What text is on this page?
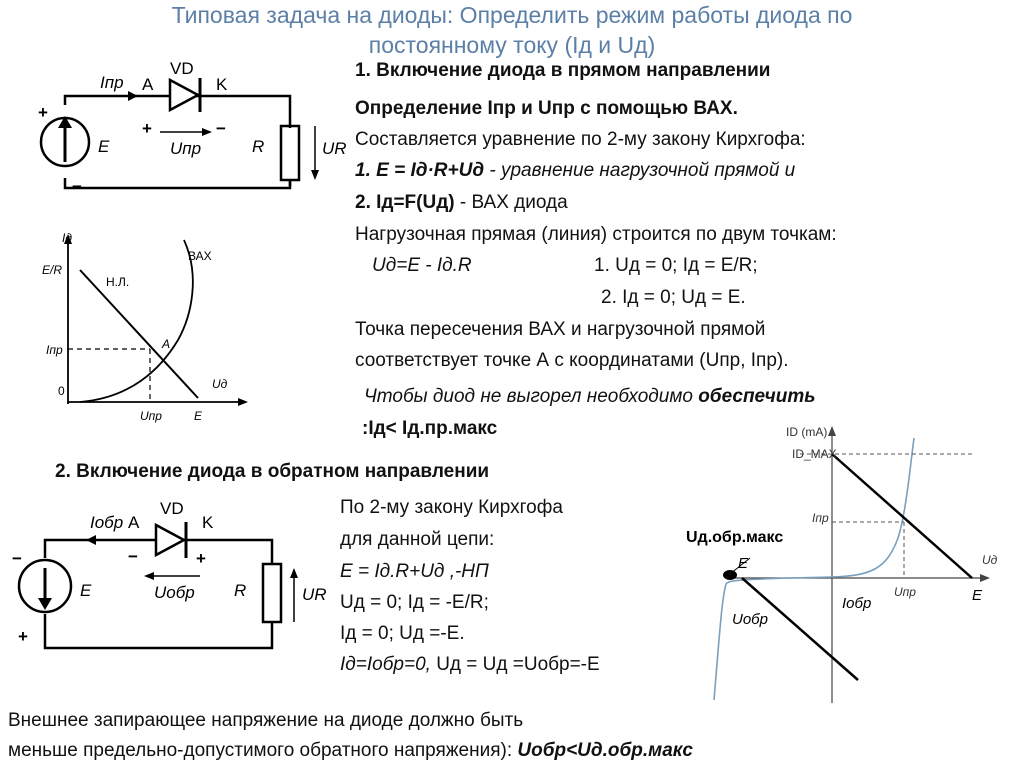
Типовая задача на диоды: Определить режим работы диода по
постоянному току (Iд и Uд)
1. Включение диода в прямом направлении
Iпр A
VD
K
+	−
Uпр
+
−
E	R	UR
Iд
E/R
Iпр
0
Uпр	E
Uд
Н.Л.
ВАХ
A
Определение Iпр и Uпр с помощью ВАХ.
Составляется уравнение по 2-му закону Кирхгофа:
1. E = Iд·R+Uд - уравнение нагрузочной прямой и
2. Iд=F(Uд) - ВАХ диода
Нагрузочная прямая (линия) строится по двум точкам:
Uд=E - Iд.R	1. Uд = 0; Iд = E/R;
2. Iд = 0; Uд = E.
Точка пересечения ВАХ и нагрузочной прямой
соответствует точке А с координатами (Uпр, Iпр).
Чтобы диод не выгорел необходимо обеспечить
:Iд< Iд.пр.макс
2. Включение диода в обратном направлении
Iобр A
VD
K
−	+
Uобр
−
+
E	R	UR
По 2-му закону Кирхгофа
для данной цепи:
E = Iд.R+Uд ,-НП
Uд = 0; Iд = -E/R;
Iд = 0; Uд =-E.
Iд=Iобр=0, Uд = Uд =Uобр=-E
ID (mA)
ID_MAX
Iпр
Uд
Uпр
E
E
Iобр
Uобр
Uд.обр.макс
Внешнее запирающее напряжение на диоде должно быть
меньше предельно-допустимого обратного напряжения): Uобр<Uд.обр.макс
